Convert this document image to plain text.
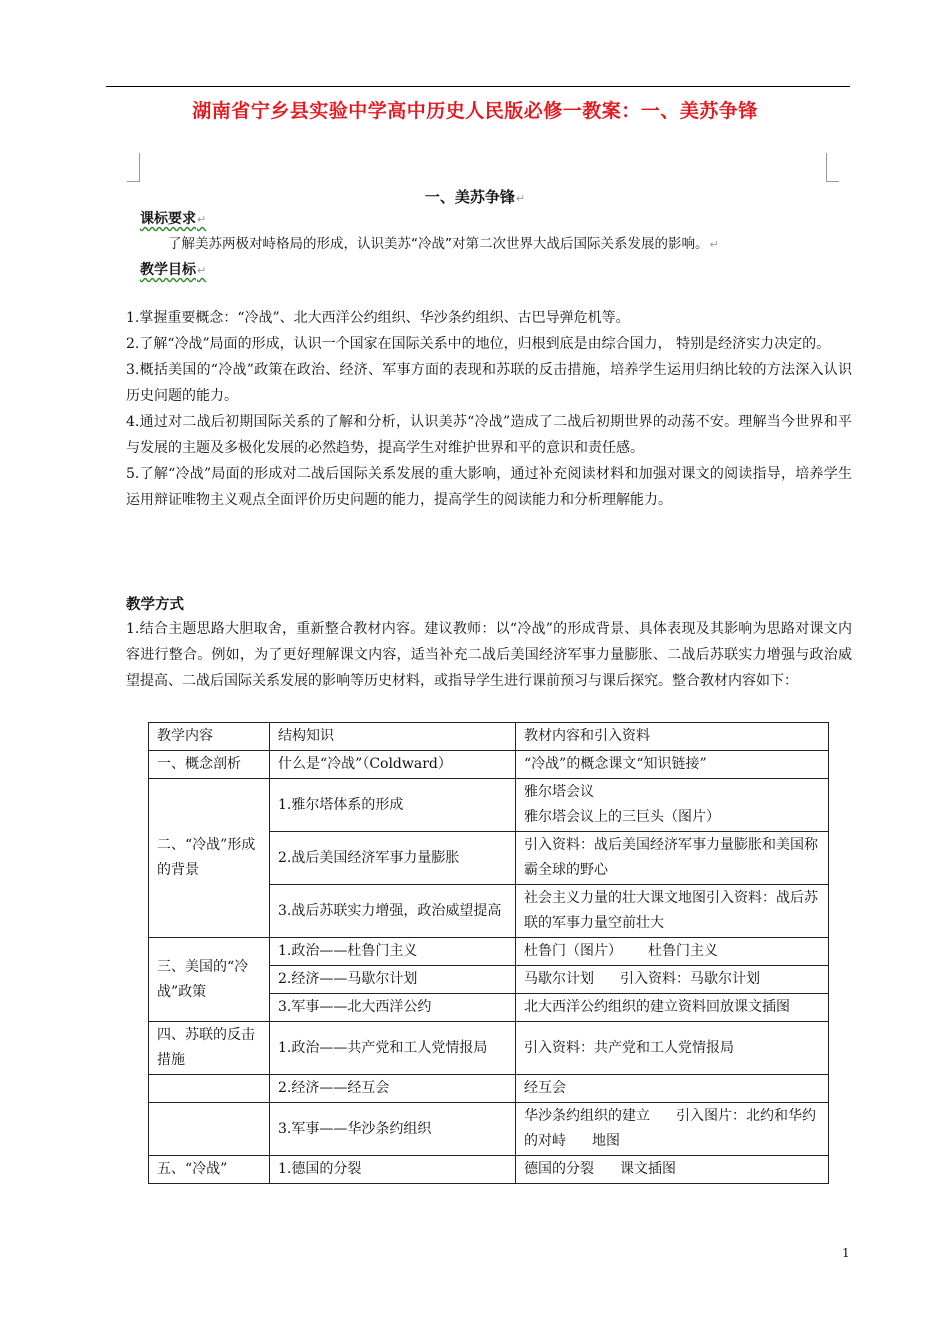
湖南省宁乡县实验中学高中历史人民版必修一教案：一、美苏争锋
一、美苏争锋↵
课标要求↵
了解美苏两极对峙格局的形成，认识美苏“冷战”对第二次世界大战后国际关系发展的影响。↵
教学目标↵

1.掌握重要概念：“冷战”、北大西洋公约组织、华沙条约组织、古巴导弹危机等。

2.了解“冷战”局面的形成，认识一个国家在国际关系中的地位，归根到底是由综合国力， 特别是经济实力决定的。

3.概括美国的“冷战”政策在政治、经济、军事方面的表现和苏联的反击措施，培养学生运用归纳比较的方法深入认识历史问题的能力。

4.通过对二战后初期国际关系的了解和分析，认识美苏“冷战”造成了二战后初期世界的动荡不安。理解当今世界和平与发展的主题及多极化发展的必然趋势，提高学生对维护世界和平的意识和责任感。

5.了解“冷战”局面的形成对二战后国际关系发展的重大影响，通过补充阅读材料和加强对课文的阅读指导，培养学生运用辩证唯物主义观点全面评价历史问题的能力，提高学生的阅读能力和分析理解能力。

教学方式

1.结合主题思路大胆取舍，重新整合教材内容。建议教师：以“冷战”的形成背景、具体表现及其影响为思路对课文内容进行整合。例如，为了更好理解课文内容，适当补充二战后美国经济军事力量膨胀、二战后苏联实力增强与政治威望提高、二战后国际关系发展的影响等历史材料，或指导学生进行课前预习与课后探究。整合教材内容如下：

教学内容	结构知识	教材内容和引入资料
一、概念剖析	什么是“冷战”（Coldward）	“冷战”的概念课文“知识链接”
二、“冷战”形成的背景	1.雅尔塔体系的形成	雅尔塔会议
雅尔塔会议上的三巨头（图片）

	2.战后美国经济军事力量膨胀	引入资料：战后美国经济军事力量膨胀和美国称霸全球的野心
	3.战后苏联实力增强，政治威望提高	社会主义力量的壮大课文地图引入资料：战后苏联的军事力量空前壮大
三、美国的“冷战”政策	1.政治——杜鲁门主义	杜鲁门（图片） 杜鲁门主义
	2.经济——马歇尔计划	马歇尔计划 引入资料：马歇尔计划
	3.军事——北大西洋公约	北大西洋公约组织的建立资料回放课文插图
四、苏联的反击措施	1.政治——共产党和工人党情报局	引入资料：共产党和工人党情报局
	2.经济——经互会	经互会
	3.军事——华沙条约组织	华沙条约组织的建立 引入图片：北约和华约的对峙 地图
五、“冷战”	1.德国的分裂	德国的分裂 课文插图
1
